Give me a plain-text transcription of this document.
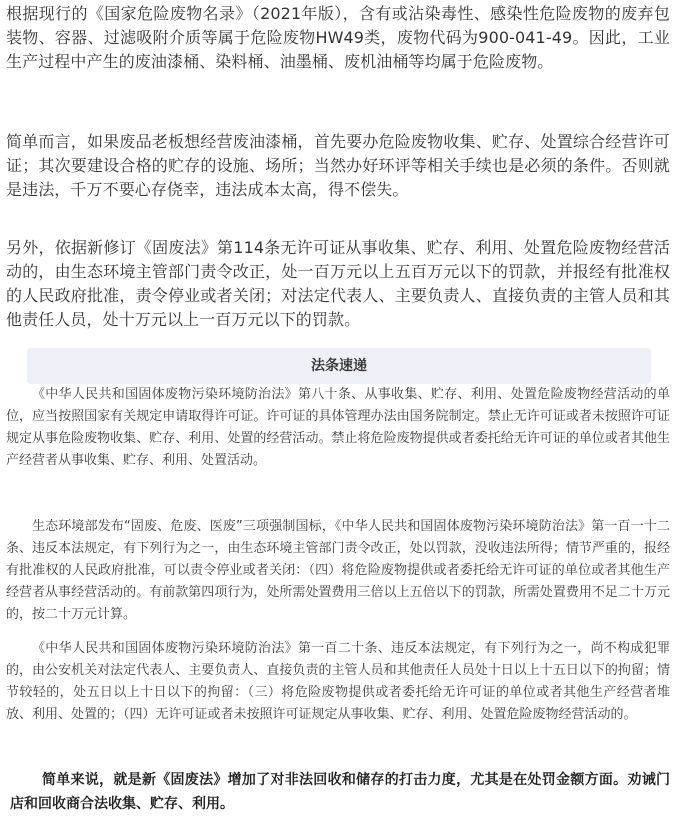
根据现行的《国家危险废物名录》（2021年版），含有或沾染毒性、感染性危险废物的废弃包装物、容器、过滤吸附介质等属于危险废物HW49类，废物代码为900-041-49。因此，工业生产过程中产生的废油漆桶、染料桶、油墨桶、废机油桶等均属于危险废物。

简单而言，如果废品老板想经营废油漆桶，首先要办危险废物收集、贮存、处置综合经营许可证；其次要建设合格的贮存的设施、场所；当然办好环评等相关手续也是必须的条件。否则就是违法，千万不要心存侥幸，违法成本太高，得不偿失。

另外，依据新修订《固废法》第114条无许可证从事收集、贮存、利用、处置危险废物经营活动的，由生态环境主管部门责令改正，处一百万元以上五百万元以下的罚款，并报经有批准权的人民政府批准，责令停业或者关闭；对法定代表人、主要负责人、直接负责的主管人员和其他责任人员，处十万元以上一百万元以下的罚款。

法条速递

《中华人民共和国固体废物污染环境防治法》第八十条、从事收集、贮存、利用、处置危险废物经营活动的单位，应当按照国家有关规定申请取得许可证。许可证的具体管理办法由国务院制定。禁止无许可证或者未按照许可证规定从事危险废物收集、贮存、利用、处置的经营活动。禁止将危险废物提供或者委托给无许可证的单位或者其他生产经营者从事收集、贮存、利用、处置活动。

生态环境部发布“固废、危废、医废”三项强制国标，《中华人民共和国固体废物污染环境防治法》第一百一十二条、违反本法规定，有下列行为之一，由生态环境主管部门责令改正，处以罚款，没收违法所得；情节严重的，报经有批准权的人民政府批准，可以责令停业或者关闭：（四）将危险废物提供或者委托给无许可证的单位或者其他生产经营者从事经营活动的。有前款第四项行为，处所需处置费用三倍以上五倍以下的罚款，所需处置费用不足二十万元的，按二十万元计算。

《中华人民共和国固体废物污染环境防治法》第一百二十条、违反本法规定，有下列行为之一，尚不构成犯罪的，由公安机关对法定代表人、主要负责人、直接负责的主管人员和其他责任人员处十日以上十五日以下的拘留；情节较轻的，处五日以上十日以下的拘留：（三）将危险废物提供或者委托给无许可证的单位或者其他生产经营者堆放、利用、处置的；（四）无许可证或者未按照许可证规定从事收集、贮存、利用、处置危险废物经营活动的。

简单来说，就是新《固废法》增加了对非法回收和储存的打击力度，尤其是在处罚金额方面。劝诫门店和回收商合法收集、贮存、利用。
